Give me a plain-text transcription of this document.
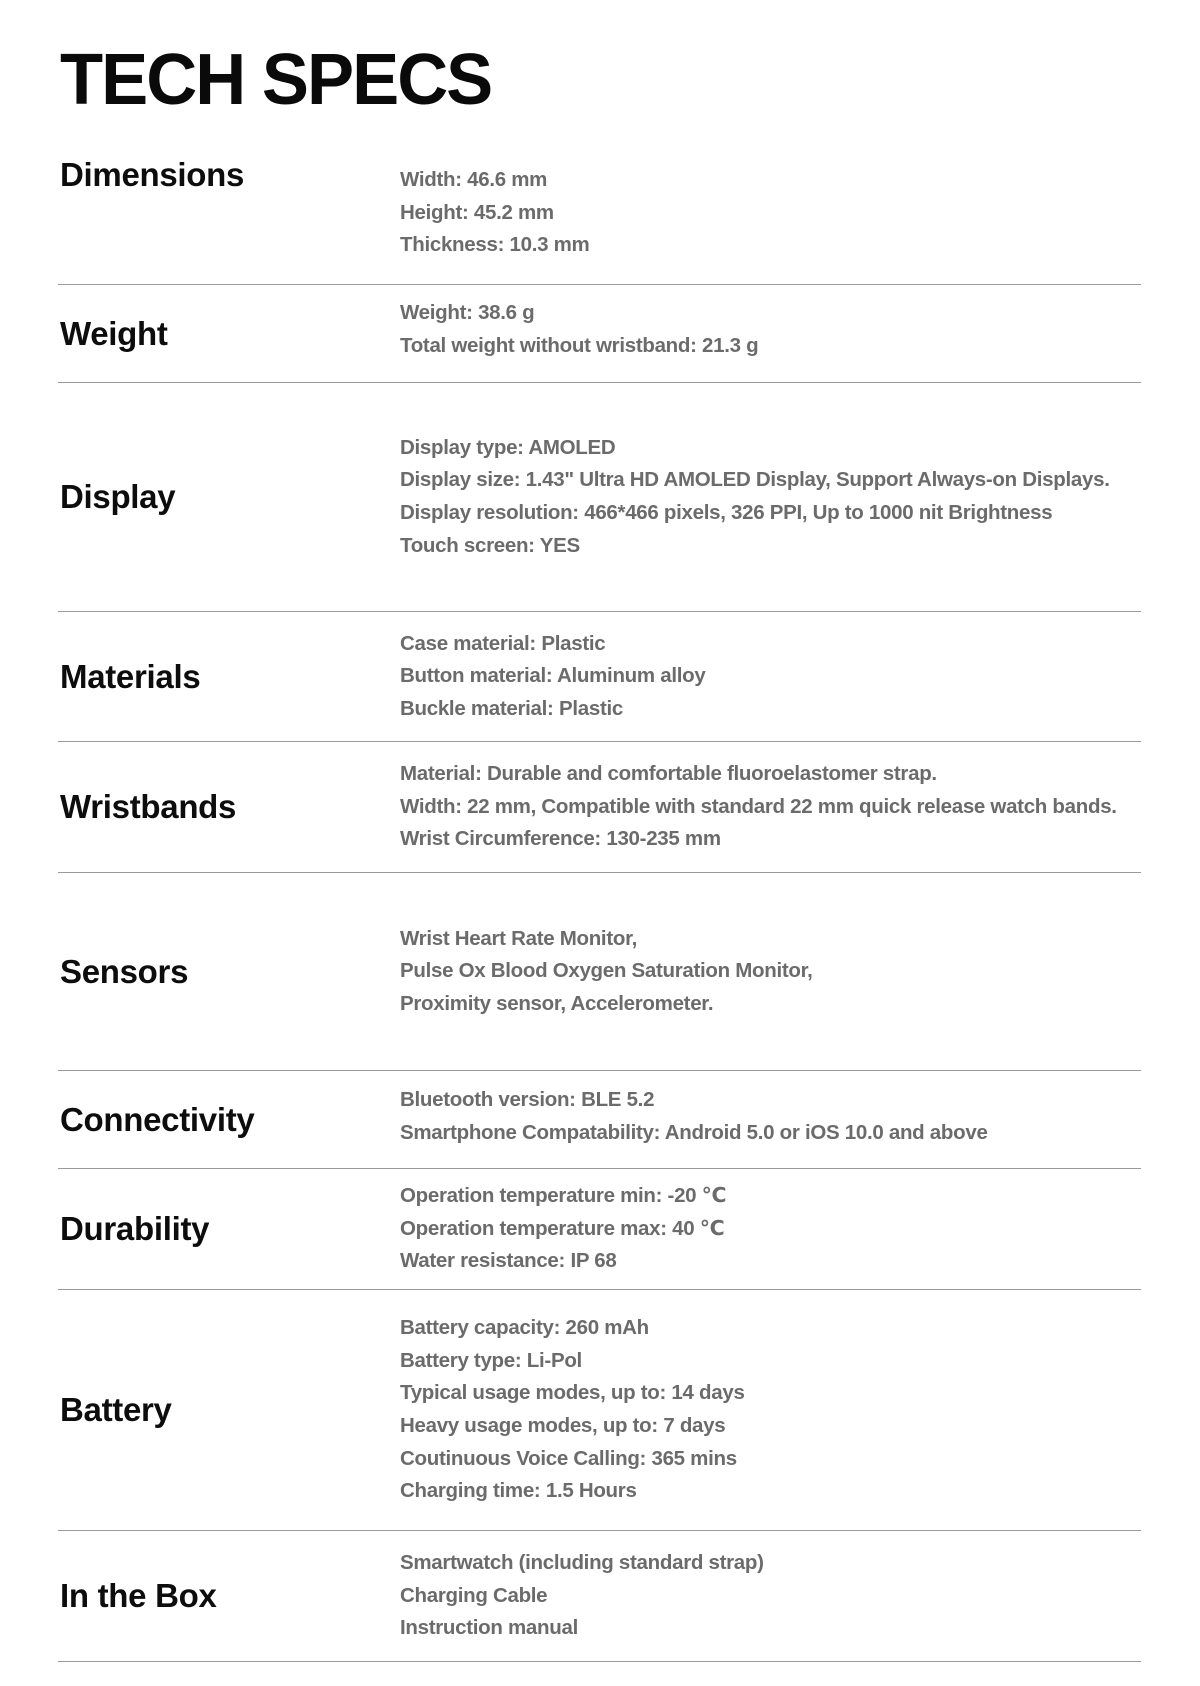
TECH SPECS
Dimensions	Width: 46.6 mm
Height: 45.2 mm
Thickness: 10.3 mm
Weight
Weight: 38.6 g
Total weight without wristband: 21.3 g
Display
Display type: AMOLED
Display size: 1.43" Ultra HD AMOLED Display, Support Always-on Displays.
Display resolution: 466*466 pixels, 326 PPI, Up to 1000 nit Brightness
Touch screen: YES
Materials
Case material: Plastic
Button material: Aluminum alloy
Buckle material: Plastic
Wristbands
Material: Durable and comfortable fluoroelastomer strap.
Width: 22 mm, Compatible with standard 22 mm quick release watch bands.
Wrist Circumference: 130-235 mm
Sensors
Wrist Heart Rate Monitor,
Pulse Ox Blood Oxygen Saturation Monitor,
Proximity sensor, Accelerometer.
Connectivity
Bluetooth version: BLE 5.2
Smartphone Compatability: Android 5.0 or iOS 10.0 and above
Durability
Operation temperature min: -20 ℃
Operation temperature max: 40 ℃
Water resistance: IP 68
Battery
Battery capacity: 260 mAh
Battery type: Li-Pol
Typical usage modes, up to: 14 days
Heavy usage modes, up to: 7 days
Coutinuous Voice Calling: 365 mins
Charging time: 1.5 Hours
In the Box
Smartwatch (including standard strap)
Charging Cable
Instruction manual
